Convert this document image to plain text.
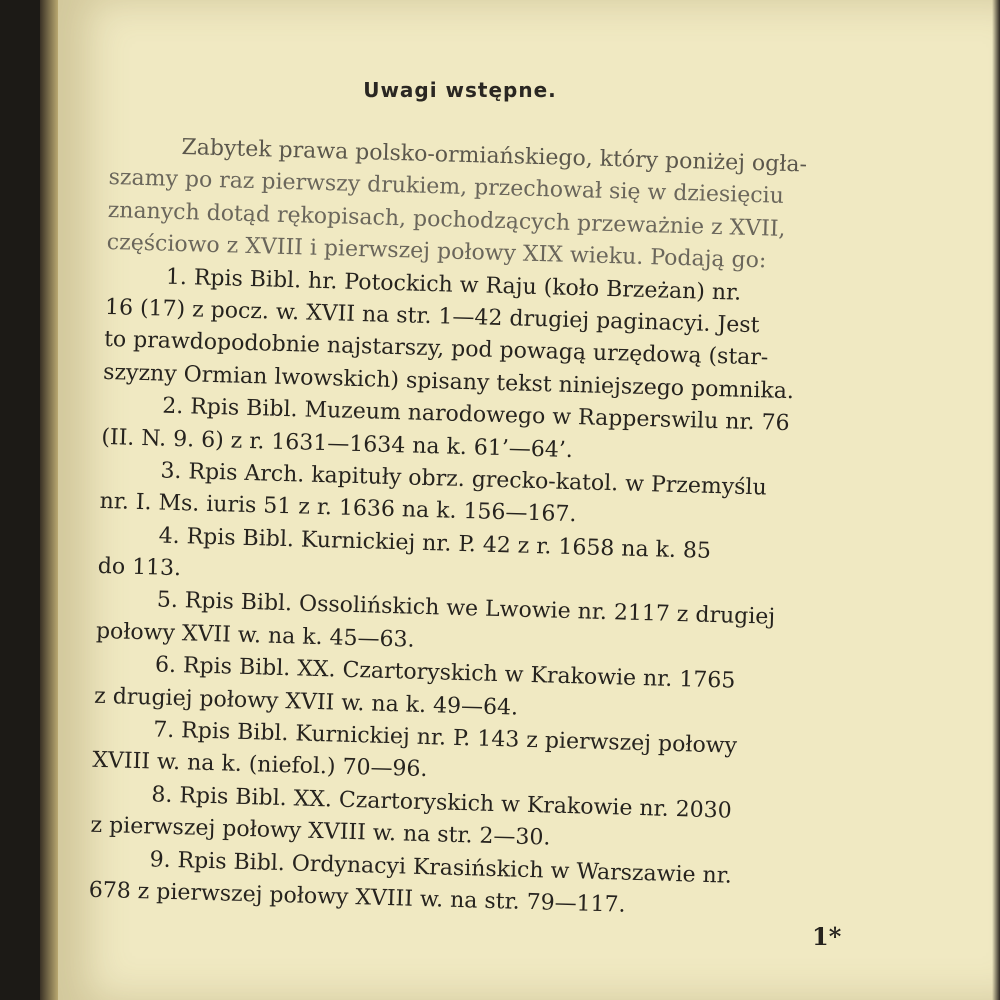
Uwagi wstępne.
Zabytek prawa polsko-ormiańskiego, który poniżej ogła-
szamy po raz pierwszy drukiem, przechował się w dziesięciu
znanych dotąd rękopisach, pochodzących przeważnie z XVII,
częściowo z XVIII i pierwszej połowy XIX wieku. Podają go:
1. Rpis Bibl. hr. Potockich w Raju (koło Brzeżan) nr.
16 (17) z pocz. w. XVII na str. 1—42 drugiej paginacyi. Jest
to prawdopodobnie najstarszy, pod powagą urzędową (star-
szyzny Ormian lwowskich) spisany tekst niniejszego pomnika.
2. Rpis Bibl. Muzeum narodowego w Rapperswilu nr. 76
(II. N. 9. 6) z r. 1631—1634 na k. 61’—64’.
3. Rpis Arch. kapituły obrz. grecko-katol. w Przemyślu
nr. I. Ms. iuris 51 z r. 1636 na k. 156—167.
4. Rpis Bibl. Kurnickiej nr. P. 42 z r. 1658 na k. 85
do 113.
5. Rpis Bibl. Ossolińskich we Lwowie nr. 2117 z drugiej
połowy XVII w. na k. 45—63.
6. Rpis Bibl. XX. Czartoryskich w Krakowie nr. 1765
z drugiej połowy XVII w. na k. 49—64.
7. Rpis Bibl. Kurnickiej nr. P. 143 z pierwszej połowy
XVIII w. na k. (niefol.) 70—96.
8. Rpis Bibl. XX. Czartoryskich w Krakowie nr. 2030
z pierwszej połowy XVIII w. na str. 2—30.
9. Rpis Bibl. Ordynacyi Krasińskich w Warszawie nr.
678 z pierwszej połowy XVIII w. na str. 79—117.
1*
